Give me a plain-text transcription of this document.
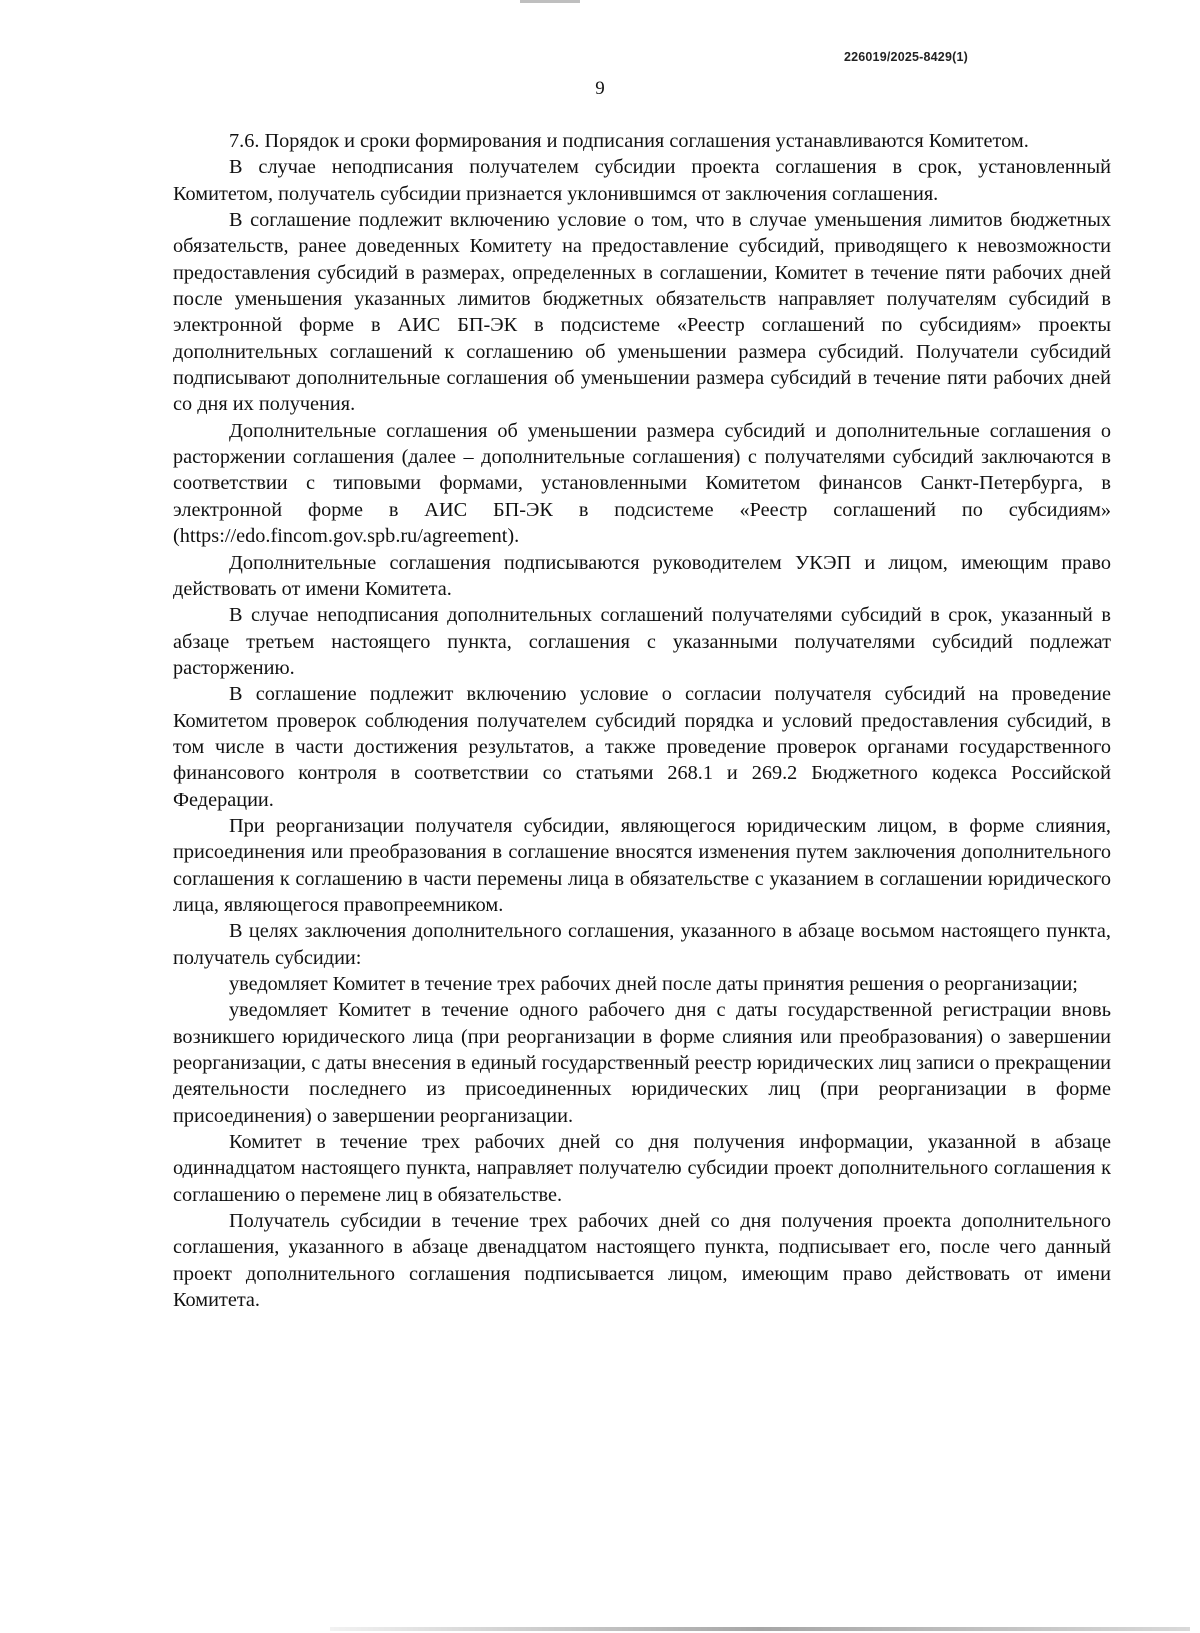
226019/2025-8429(1)
9

7.6. Порядок и сроки формирования и подписания соглашения устанавливаются Комитетом.

В случае неподписания получателем субсидии проекта соглашения в срок, установленный Комитетом, получатель субсидии признается уклонившимся от заключения соглашения.

В соглашение подлежит включению условие о том, что в случае уменьшения лимитов бюджетных обязательств, ранее доведенных Комитету на предоставление субсидий, приводящего к невозможности предоставления субсидий в размерах, определенных в соглашении, Комитет в течение пяти рабочих дней после уменьшения указанных лимитов бюджетных обязательств направляет получателям субсидий в электронной форме в АИС БП-ЭК в подсистеме «Реестр соглашений по субсидиям» проекты дополнительных соглашений к соглашению об уменьшении размера субсидий. Получатели субсидий подписывают дополнительные соглашения об уменьшении размера субсидий в течение пяти рабочих дней со дня их получения.

Дополнительные соглашения об уменьшении размера субсидий и дополнительные соглашения о расторжении соглашения (далее – дополнительные соглашения) с получателями субсидий заключаются в соответствии с типовыми формами, установленными Комитетом финансов Санкт-Петербурга, в электронной форме в АИС БП-ЭК в подсистеме «Реестр соглашений по субсидиям» (https://edo.fincom.gov.spb.ru/agreement).

Дополнительные соглашения подписываются руководителем УКЭП и лицом, имеющим право действовать от имени Комитета.

В случае неподписания дополнительных соглашений получателями субсидий в срок, указанный в абзаце третьем настоящего пункта, соглашения с указанными получателями субсидий подлежат расторжению.

В соглашение подлежит включению условие о согласии получателя субсидий на проведение Комитетом проверок соблюдения получателем субсидий порядка и условий предоставления субсидий, в том числе в части достижения результатов, а также проведение проверок органами государственного финансового контроля в соответствии со статьями 268.1 и 269.2 Бюджетного кодекса Российской Федерации.

При реорганизации получателя субсидии, являющегося юридическим лицом, в форме слияния, присоединения или преобразования в соглашение вносятся изменения путем заключения дополнительного соглашения к соглашению в части перемены лица в обязательстве с указанием в соглашении юридического лица, являющегося правопреемником.

В целях заключения дополнительного соглашения, указанного в абзаце восьмом настоящего пункта, получатель субсидии:

уведомляет Комитет в течение трех рабочих дней после даты принятия решения о реорганизации;

уведомляет Комитет в течение одного рабочего дня с даты государственной регистрации вновь возникшего юридического лица (при реорганизации в форме слияния или преобразования) о завершении реорганизации, с даты внесения в единый государственный реестр юридических лиц записи о прекращении деятельности последнего из присоединенных юридических лиц (при реорганизации в форме присоединения) о завершении реорганизации.

Комитет в течение трех рабочих дней со дня получения информации, указанной в абзаце одиннадцатом настоящего пункта, направляет получателю субсидии проект дополнительного соглашения к соглашению о перемене лиц в обязательстве.

Получатель субсидии в течение трех рабочих дней со дня получения проекта дополнительного соглашения, указанного в абзаце двенадцатом настоящего пункта, подписывает его, после чего данный проект дополнительного соглашения подписывается лицом, имеющим право действовать от имени Комитета.
